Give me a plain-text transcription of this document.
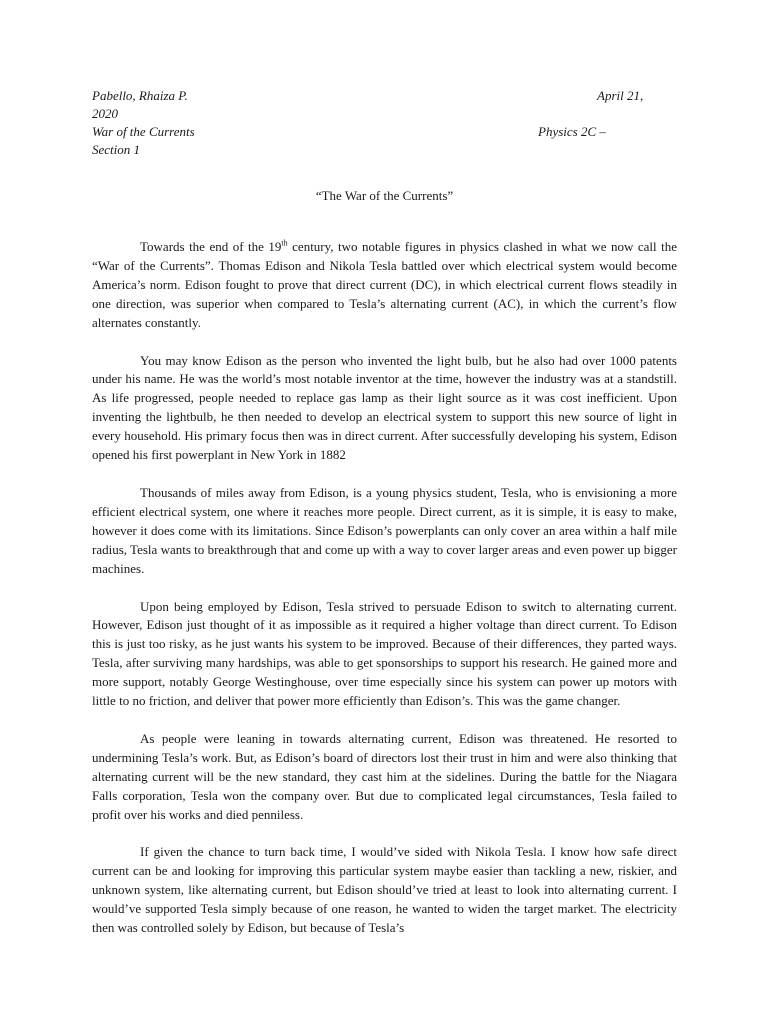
Pabello, Rhaiza P.	April 21,
2020
War of the Currents	Physics 2C –
Section 1
“The War of the Currents”

Towards the end of the 19th century, two notable figures in physics clashed in what we now call the “War of the Currents”. Thomas Edison and Nikola Tesla battled over which electrical system would become America’s norm. Edison fought to prove that direct current (DC), in which electrical current flows steadily in one direction, was superior when compared to Tesla’s alternating current (AC), in which the current’s flow alternates constantly.

You may know Edison as the person who invented the light bulb, but he also had over 1000 patents under his name. He was the world’s most notable inventor at the time, however the industry was at a standstill. As life progressed, people needed to replace gas lamp as their light source as it was cost inefficient. Upon inventing the lightbulb, he then needed to develop an electrical system to support this new source of light in every household. His primary focus then was in direct current. After successfully developing his system, Edison opened his first powerplant in New York in 1882

Thousands of miles away from Edison, is a young physics student, Tesla, who is envisioning a more efficient electrical system, one where it reaches more people. Direct current, as it is simple, it is easy to make, however it does come with its limitations. Since Edison’s powerplants can only cover an area within a half mile radius, Tesla wants to breakthrough that and come up with a way to cover larger areas and even power up bigger machines.

Upon being employed by Edison, Tesla strived to persuade Edison to switch to alternating current. However, Edison just thought of it as impossible as it required a higher voltage than direct current. To Edison this is just too risky, as he just wants his system to be improved. Because of their differences, they parted ways. Tesla, after surviving many hardships, was able to get sponsorships to support his research. He gained more and more support, notably George Westinghouse, over time especially since his system can power up motors with little to no friction, and deliver that power more efficiently than Edison’s. This was the game changer.

As people were leaning in towards alternating current, Edison was threatened. He resorted to undermining Tesla’s work. But, as Edison’s board of directors lost their trust in him and were also thinking that alternating current will be the new standard, they cast him at the sidelines. During the battle for the Niagara Falls corporation, Tesla won the company over. But due to complicated legal circumstances, Tesla failed to profit over his works and died penniless.

If given the chance to turn back time, I would’ve sided with Nikola Tesla. I know how safe direct current can be and looking for improving this particular system maybe easier than tackling a new, riskier, and unknown system, like alternating current, but Edison should’ve tried at least to look into alternating current. I would’ve supported Tesla simply because of one reason, he wanted to widen the target market. The electricity then was controlled solely by Edison, but because of Tesla’s
